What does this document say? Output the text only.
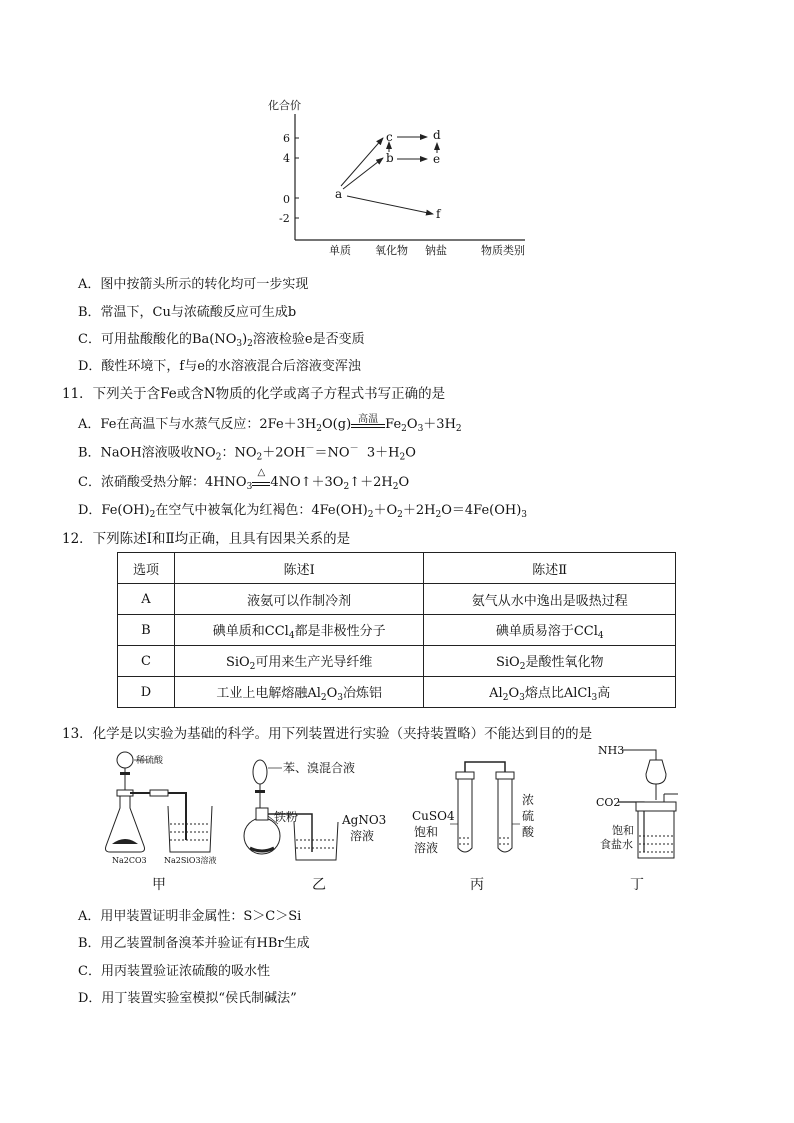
化合价
6
4
0
-2
单质 氧化物 钠盐	物质类别
a
b
c	d
e
f
A．图中按箭头所示的转化均可一步实现
B．常温下，Cu与浓硫酸反应可生成b
C．可用盐酸酸化的$Ba(NO_3)_2$溶液检验e是否变质
D．酸性环境下，f与e的水溶液混合后溶液变浑浊
11．下列关于含Fe或含N物质的化学或离子方程式书写正确的是
A．Fe在高温下与水蒸气反应：$2Fe+3H_2O(g)$ 高温 $Fe_2O_3+3H_2$
B．NaOH溶液吸收$NO_2$：$NO_2+2OH^-=NO^-$  $3+H_2O$
C．浓硝酸受热分解：$4HNO_3$
△
$4NO↑+3O_2↑+2H_2O$
D．$Fe(OH)_2$在空气中被氧化为红褐色：$4Fe(OH)_2+O_2+2H_2O=4Fe(OH)_3$
12．下列陈述Ⅰ和Ⅱ均正确，且具有因果关系的是
选项	陈述Ⅰ	陈述Ⅱ
A	液氨可以作制冷剂	氨气从水中逸出是吸热过程
B	碘单质和CCl$_4$都是非极性分子	碘单质易溶于CCl$_4$
C	SiO$_2$可用来生产光导纤维	SiO$_2$是酸性氧化物
D	工业上电解熔融$Al_2O_3$冶炼铝	$Al_2O_3$熔点比AlCl$_3$高
13．化学是以实验为基础的科学。用下列装置进行实验（夹持装置略）不能达到目的的是
稀硫酸
Na2CO3 Na2SiO3溶液
甲
苯、溴混合液
铁粉	AgNO3
溶液
乙
CuSO4
饱和
溶液
浓
硫
酸
丙
NH3
CO2
饱和
食盐水
丁
A．用甲装置证明非金属性：S＞C＞Si
B．用乙装置制备溴苯并验证有HBr生成
C．用丙装置验证浓硫酸的吸水性
D．用丁装置实验室模拟“侯氏制碱法”
